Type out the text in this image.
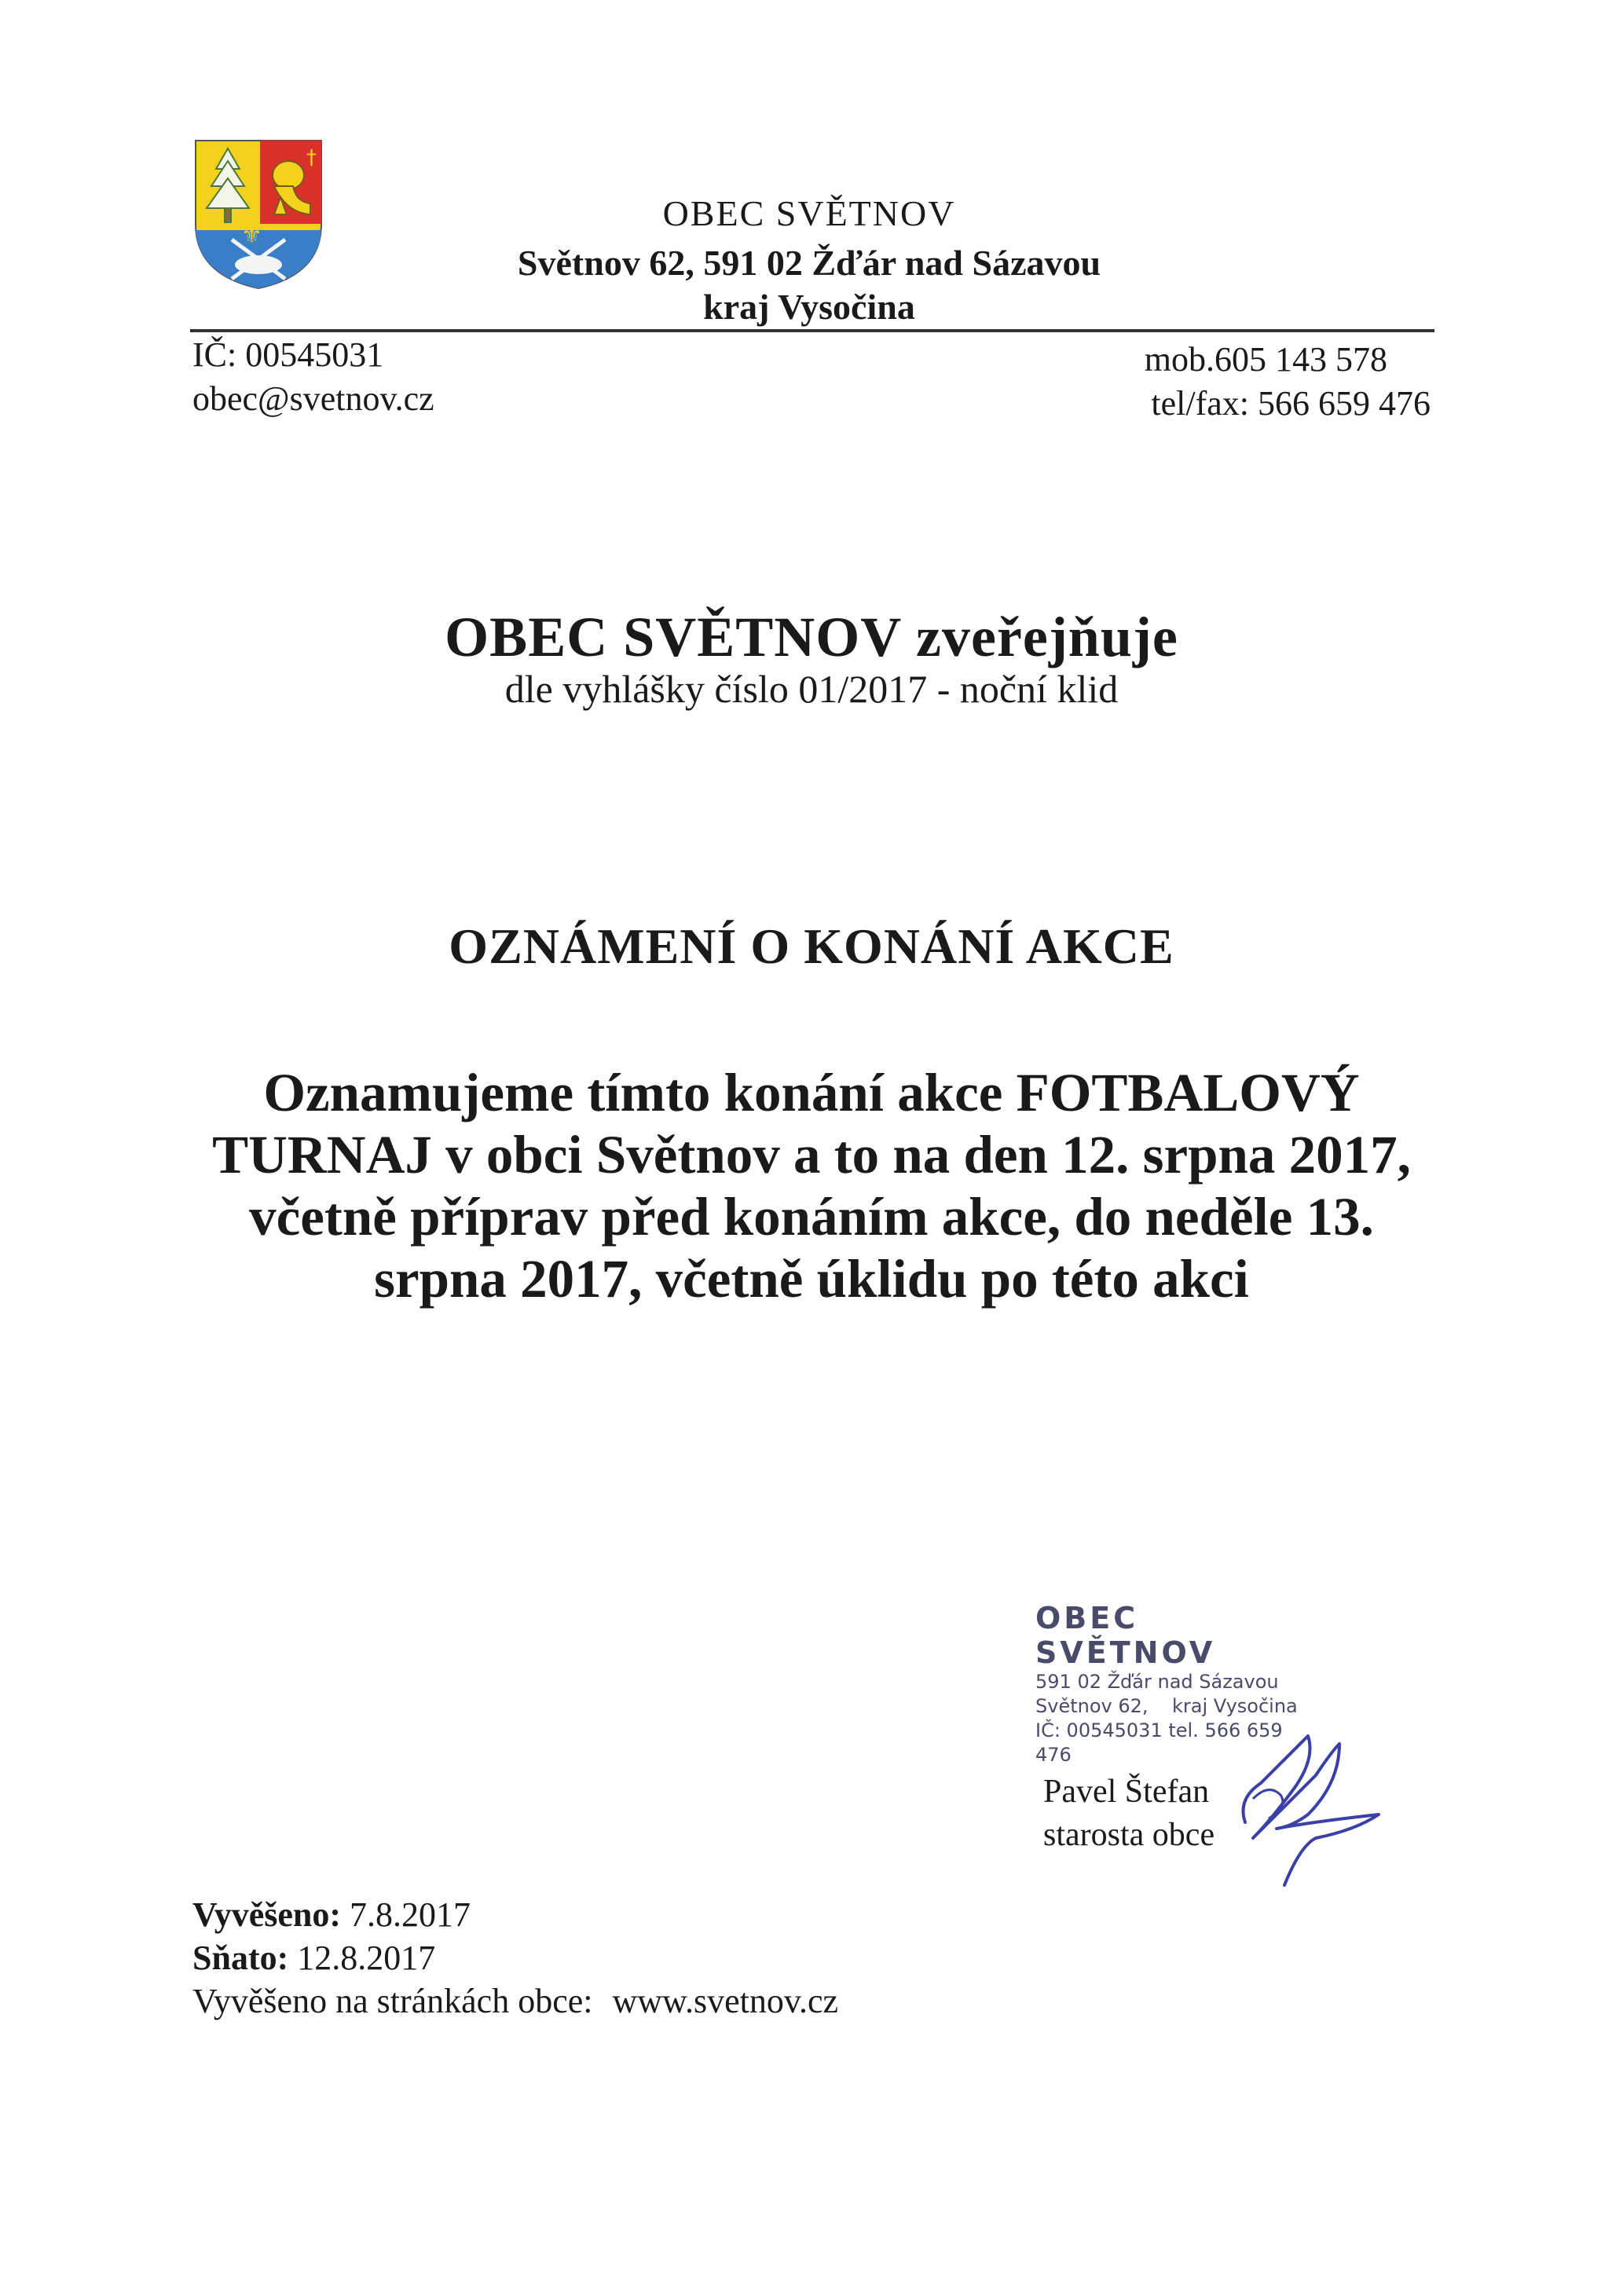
†
⚜
OBEC SVĚTNOV
Světnov 62, 591 02 Žďár nad Sázavou
kraj Vysočina
IČ: 00545031
obec@svetnov.cz
mob.605 143 578
tel/fax: 566 659 476
OBEC SVĚTNOV zveřejňuje
dle vyhlášky číslo 01/2017 - noční klid
OZNÁMENÍ O KONÁNÍ AKCE
Oznamujeme tímto konání akce FOTBALOVÝ
TURNAJ v obci Světnov a to na den 12. srpna 2017,
včetně příprav před konáním akce, do neděle 13.
srpna 2017, včetně úklidu po této akci
OBEC SVĚTNOV
591 02 Žďár nad Sázavou
Světnov 62,    kraj Vysočina
IČ: 00545031 tel. 566 659 476
Pavel Štefan
starosta obce
Vyvěšeno: 7.8.2017
Sňato: 12.8.2017
Vyvěšeno na stránkách obce: www.svetnov.cz
